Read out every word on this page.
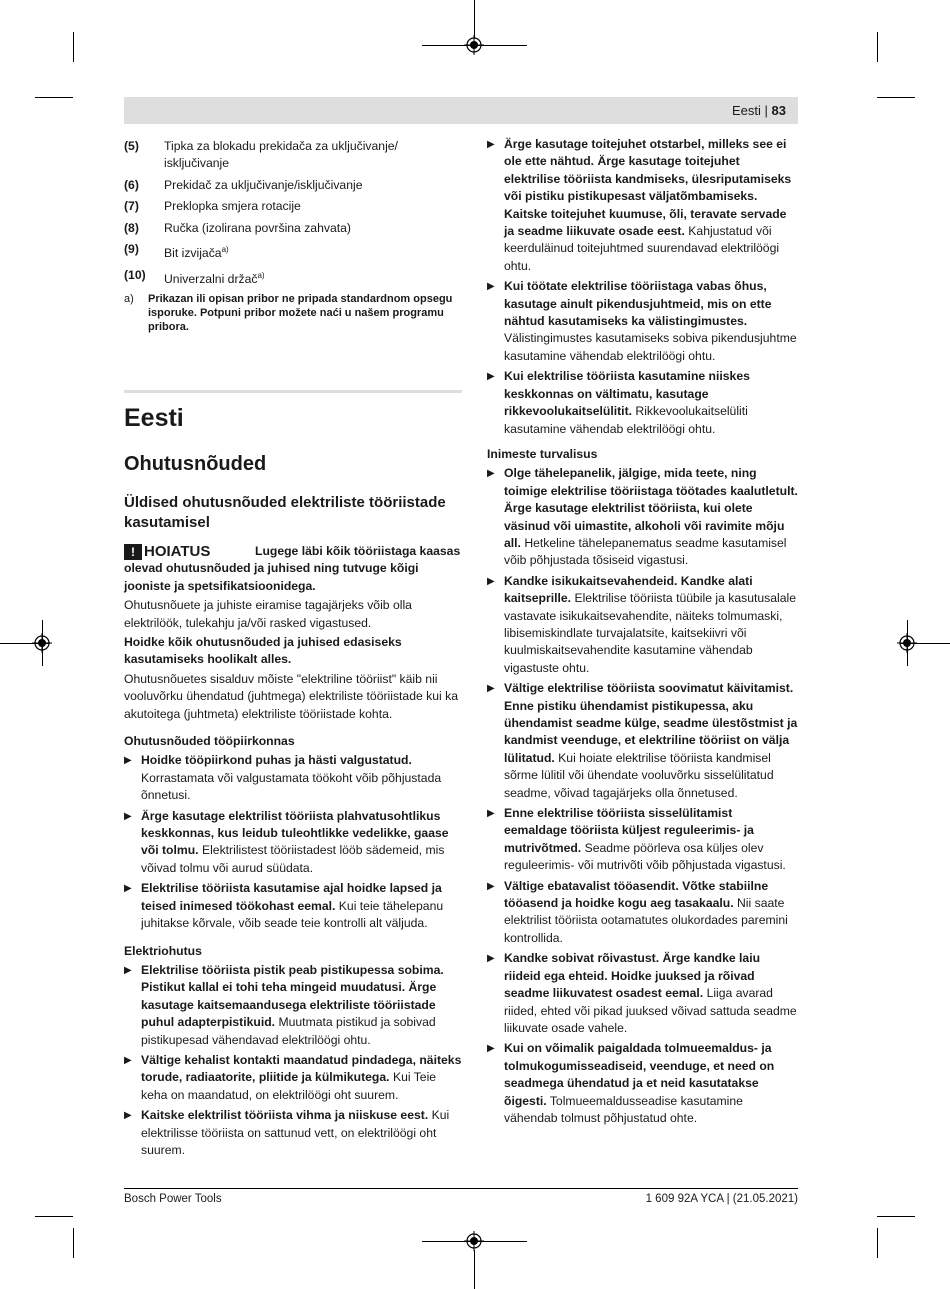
Eesti | 83
(5)	Tipka za blokadu prekidača za uključivanje/ isključivanje
(6)	Prekidač za uključivanje/isključivanje
(7)	Preklopka smjera rotacije
(8)	Ručka (izolirana površina zahvata)
(9)	Bit izvijača$^{a)}$
(10)	Univerzalni držač$^{a)}$
a)	Prikazan ili opisan pribor ne pripada standardnom opsegu isporuke. Potpuni pribor možete naći u našem programu pribora.
Eesti
Ohutusnõuded
Üldised ohutusnõuded elektriliste tööriistade kasutamisel
! HOIATUS	Lugege läbi kõik tööriistaga kaasas olevad ohutusnõuded ja juhised ning tutvuge kõigi jooniste ja spetsifikatsioonidega.

Ohutusnõuete ja juhiste eiramise tagajärjeks võib olla elektrilöök, tulekahju ja/või rasked vigastused.

Hoidke kõik ohutusnõuded ja juhised edasiseks kasutamiseks hoolikalt alles.

Ohutusnõuetes sisalduv mõiste "elektriline tööriist" käib nii vooluvõrku ühendatud (juhtmega) elektriliste tööriistade kui ka akutoitega (juhtmeta) elektriliste tööriistade kohta.

Ohutusnõuded tööpiirkonnas
▶ Hoidke tööpiirkond puhas ja hästi valgustatud. Korrastamata või valgustamata töökoht võib põhjustada õnnetusi.
▶ Ärge kasutage elektrilist tööriista plahvatusohtlikus keskkonnas, kus leidub tuleohtlikke vedelikke, gaase või tolmu. Elektrilistest tööriistadest lööb sädemeid, mis võivad tolmu või aurud süüdata.
▶ Elektrilise tööriista kasutamise ajal hoidke lapsed ja teised inimesed töökohast eemal. Kui teie tähelepanu juhitakse kõrvale, võib seade teie kontrolli alt väljuda.
Elektriohutus
▶ Elektrilise tööriista pistik peab pistikupessa sobima. Pistikut kallal ei tohi teha mingeid muudatusi. Ärge kasutage kaitsemaandusega elektriliste tööriistade puhul adapterpistikuid. Muutmata pistikud ja sobivad pistikupesad vähendavad elektrilöögi ohtu.
▶ Vältige kehalist kontakti maandatud pindadega, näiteks torude, radiaatorite, pliitide ja külmikutega. Kui Teie keha on maandatud, on elektrilöögi oht suurem.
▶ Kaitske elektrilist tööriista vihma ja niiskuse eest. Kui elektrilisse tööriista on sattunud vett, on elektrilöögi oht suurem.
▶ Ärge kasutage toitejuhet otstarbel, milleks see ei ole ette nähtud. Ärge kasutage toitejuhet elektrilise tööriista kandmiseks, ülesriputamiseks või pistiku pistikupesast väljatõmbamiseks. Kaitske toitejuhet kuumuse, õli, teravate servade ja seadme liikuvate osade eest. Kahjustatud või keerduläinud toitejuhtmed suurendavad elektrilöögi ohtu.
▶ Kui töötate elektrilise tööriistaga vabas õhus, kasutage ainult pikendusjuhtmeid, mis on ette nähtud kasutamiseks ka välistingimustes. Välistingimustes kasutamiseks sobiva pikendusjuhtme kasutamine vähendab elektrilöögi ohtu.
▶ Kui elektrilise tööriista kasutamine niiskes keskkonnas on vältimatu, kasutage rikkevoolukaitselülitit. Rikkevoolukaitselüliti kasutamine vähendab elektrilöögi ohtu.
Inimeste turvalisus
▶ Olge tähelepanelik, jälgige, mida teete, ning toimige elektrilise tööriistaga töötades kaalutletult. Ärge kasutage elektrilist tööriista, kui olete väsinud või uimastite, alkoholi või ravimite mõju all. Hetkeline tähelepanematus seadme kasutamisel võib põhjustada tõsiseid vigastusi.
▶ Kandke isikukaitsevahendeid. Kandke alati kaitseprille. Elektrilise tööriista tüübile ja kasutusalale vastavate isikukaitsevahendite, näiteks tolmumaski, libisemiskindlate turvajalatsite, kaitsekiivri või kuulmiskaitsevahendite kasutamine vähendab vigastuste ohtu.
▶ Vältige elektrilise tööriista soovimatut käivitamist. Enne pistiku ühendamist pistikupessa, aku ühendamist seadme külge, seadme ülestõstmist ja kandmist veenduge, et elektriline tööriist on välja lülitatud. Kui hoiate elektrilise tööriista kandmisel sõrme lülitil või ühendate vooluvõrku sisselülitatud seadme, võivad tagajärjeks olla õnnetused.
▶ Enne elektrilise tööriista sisselülitamist eemaldage tööriista küljest reguleerimis- ja mutrivõtmed. Seadme pöörleva osa küljes olev reguleerimis- või mutrivõti võib põhjustada vigastusi.
▶ Vältige ebatavalist tööasendit. Võtke stabiilne tööasend ja hoidke kogu aeg tasakaalu. Nii saate elektrilist tööriista ootamatutes olukordades paremini kontrollida.
▶ Kandke sobivat rõivastust. Ärge kandke laiu riideid ega ehteid. Hoidke juuksed ja rõivad seadme liikuvatest osadest eemal. Liiga avarad riided, ehted või pikad juuksed võivad sattuda seadme liikuvate osade vahele.
▶ Kui on võimalik paigaldada tolmueemaldus- ja tolmukogumisseadiseid, veenduge, et need on seadmega ühendatud ja et neid kasutatakse õigesti. Tolmueemaldusseadise kasutamine vähendab tolmust põhjustatud ohte.
Bosch Power Tools	1 609 92A YCA | (21.05.2021)
